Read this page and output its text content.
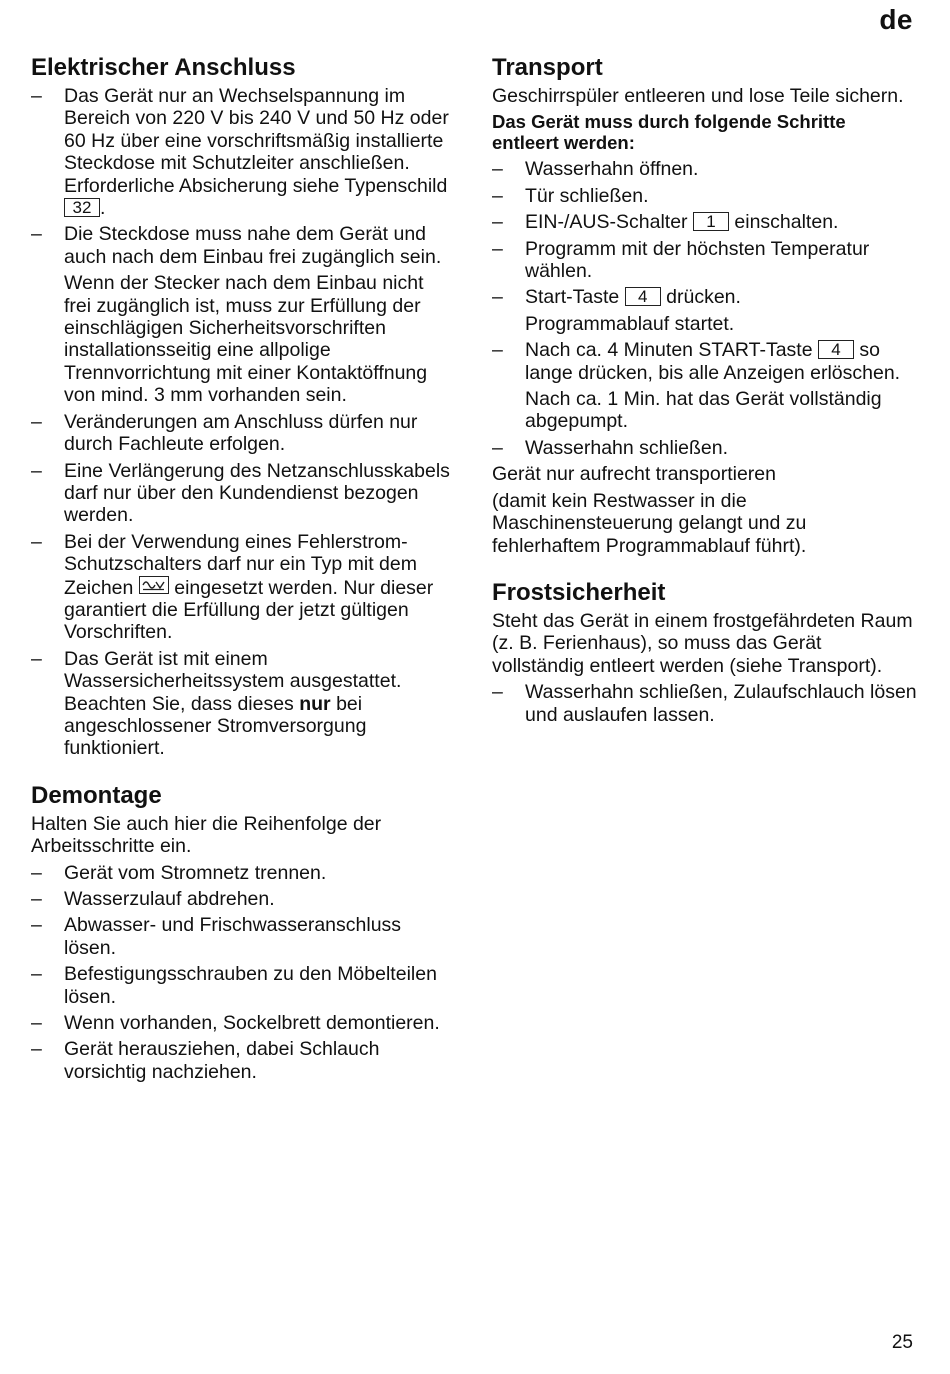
de
Elektrischer Anschluss
– Das Gerät nur an Wechselspannung im Bereich von 220 V bis 240 V und 50 Hz oder 60 Hz über eine vorschriftsmäßig installierte Steckdose mit Schutzleiter anschließen. Erforderliche Absicherung siehe Typenschild 32 .
– Die Steckdose muss nahe dem Gerät und auch nach dem Einbau frei zugänglich sein.
Wenn der Stecker nach dem Einbau nicht frei zugänglich ist, muss zur Erfüllung der einschlägigen Sicherheitsvorschriften installationsseitig eine allpolige Trennvorrichtung mit einer Kontaktöffnung von mind. 3 mm vorhanden sein.
– Veränderungen am Anschluss dürfen nur durch Fachleute erfolgen.
– Eine Verlängerung des Netzanschlusskabels darf nur über den Kundendienst bezogen werden.
– Bei der Verwendung eines Fehlerstrom-Schutzschalters darf nur ein Typ mit dem Zeichen eingesetzt werden. Nur dieser garantiert die Erfüllung der jetzt gültigen Vorschriften.
– Das Gerät ist mit einem Wassersicherheitssystem ausgestattet. Beachten Sie, dass dieses nur bei angeschlossener Stromversorgung funktioniert.
Demontage

Halten Sie auch hier die Reihenfolge der Arbeitsschritte ein.

– Gerät vom Stromnetz trennen.
– Wasserzulauf abdrehen.
– Abwasser- und Frischwasseranschluss lösen.
– Befestigungsschrauben zu den Möbelteilen lösen.
– Wenn vorhanden, Sockelbrett demontieren.
– Gerät herausziehen, dabei Schlauch vorsichtig nachziehen.
Transport

Geschirrspüler entleeren und lose Teile sichern.

Das Gerät muss durch folgende Schritte entleert werden:

– Wasserhahn öffnen.
– Tür schließen.
– EIN-/AUS-Schalter 1 einschalten.
– Programm mit der höchsten Temperatur wählen.
– Start-Taste 4 drücken.
Programmablauf startet.
– Nach ca. 4 Minuten START-Taste 4 so lange drücken, bis alle Anzeigen erlöschen.
Nach ca. 1 Min. hat das Gerät vollständig abgepumpt.
– Wasserhahn schließen.

Gerät nur aufrecht transportieren

(damit kein Restwasser in die Maschinensteuerung gelangt und zu fehlerhaftem Programmablauf führt).

Frostsicherheit

Steht das Gerät in einem frostgefährdeten Raum (z. B. Ferienhaus), so muss das Gerät vollständig entleert werden (siehe Transport).

– Wasserhahn schließen, Zulaufschlauch lösen und auslaufen lassen.
25
